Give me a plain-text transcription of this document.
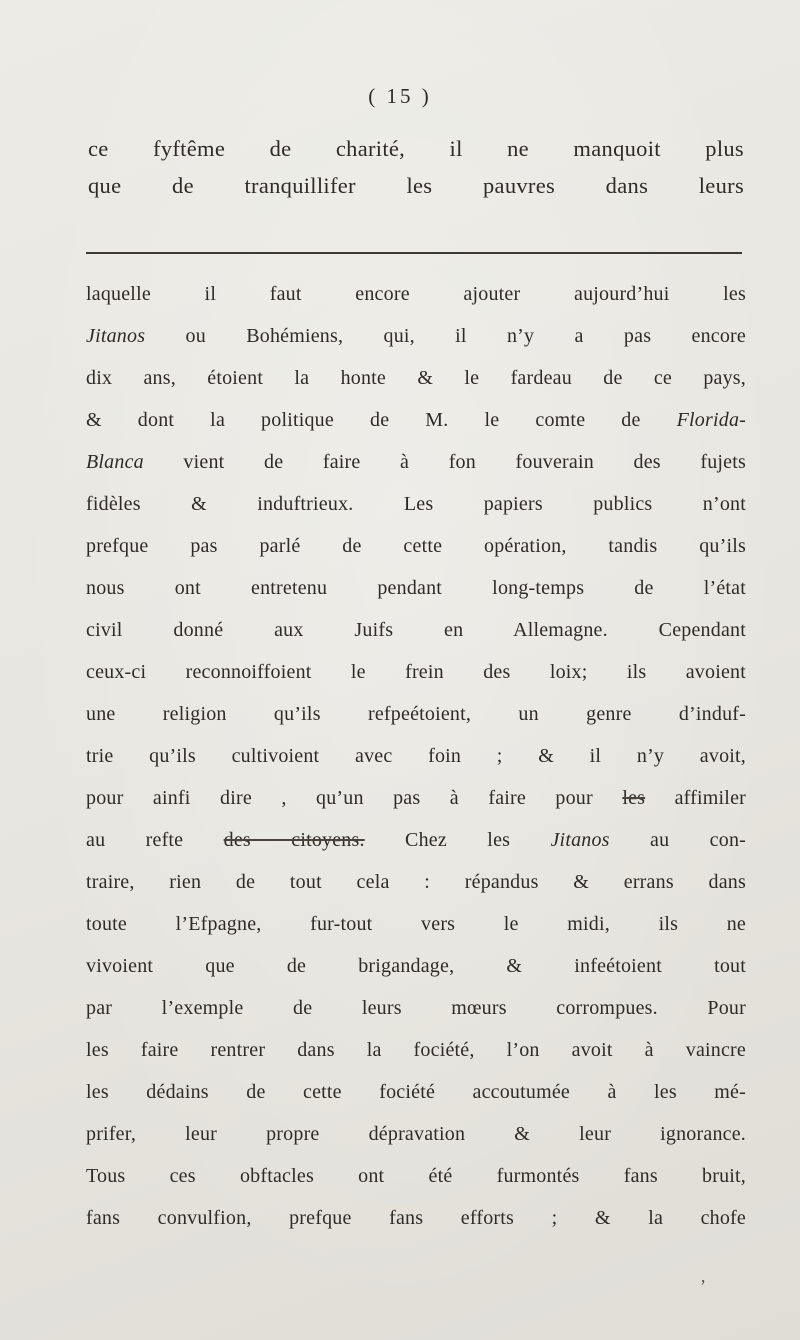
( 15 )
ce fyftême de charité, il ne manquoit plus
que de tranquillifer les pauvres dans leurs
laquelle il faut encore ajouter aujourd’hui les
Jitanos ou Bohémiens, qui, il n’y a pas encore
dix ans, étoient la honte & le fardeau de ce pays,
& dont la politique de M. le comte de Florida-
Blanca vient de faire à fon fouverain des fujets
fidèles & induftrieux. Les papiers publics n’ont
prefque pas parlé de cette opération, tandis qu’ils
nous ont entretenu pendant long-temps de l’état
civil donné aux Juifs en Allemagne. Cependant
ceux-ci reconnoiffoient le frein des loix; ils avoient
une religion qu’ils refpeétoient, un genre d’induf-
trie qu’ils cultivoient avec foin ; & il n’y avoit,
pour ainfi dire , qu’un pas à faire pour les affimiler
au refte des citoyens. Chez les Jitanos au con-
traire, rien de tout cela : répandus & errans dans
toute l’Efpagne, fur-tout vers le midi, ils ne
vivoient que de brigandage, & infeétoient tout
par l’exemple de leurs mœurs corrompues. Pour
les faire rentrer dans la fociété, l’on avoit à vaincre
les dédains de cette fociété accoutumée à les mé-
prifer, leur propre dépravation & leur ignorance.
Tous ces obftacles ont été furmontés fans bruit,
fans convulfion, prefque fans efforts ; & la chofe
’
